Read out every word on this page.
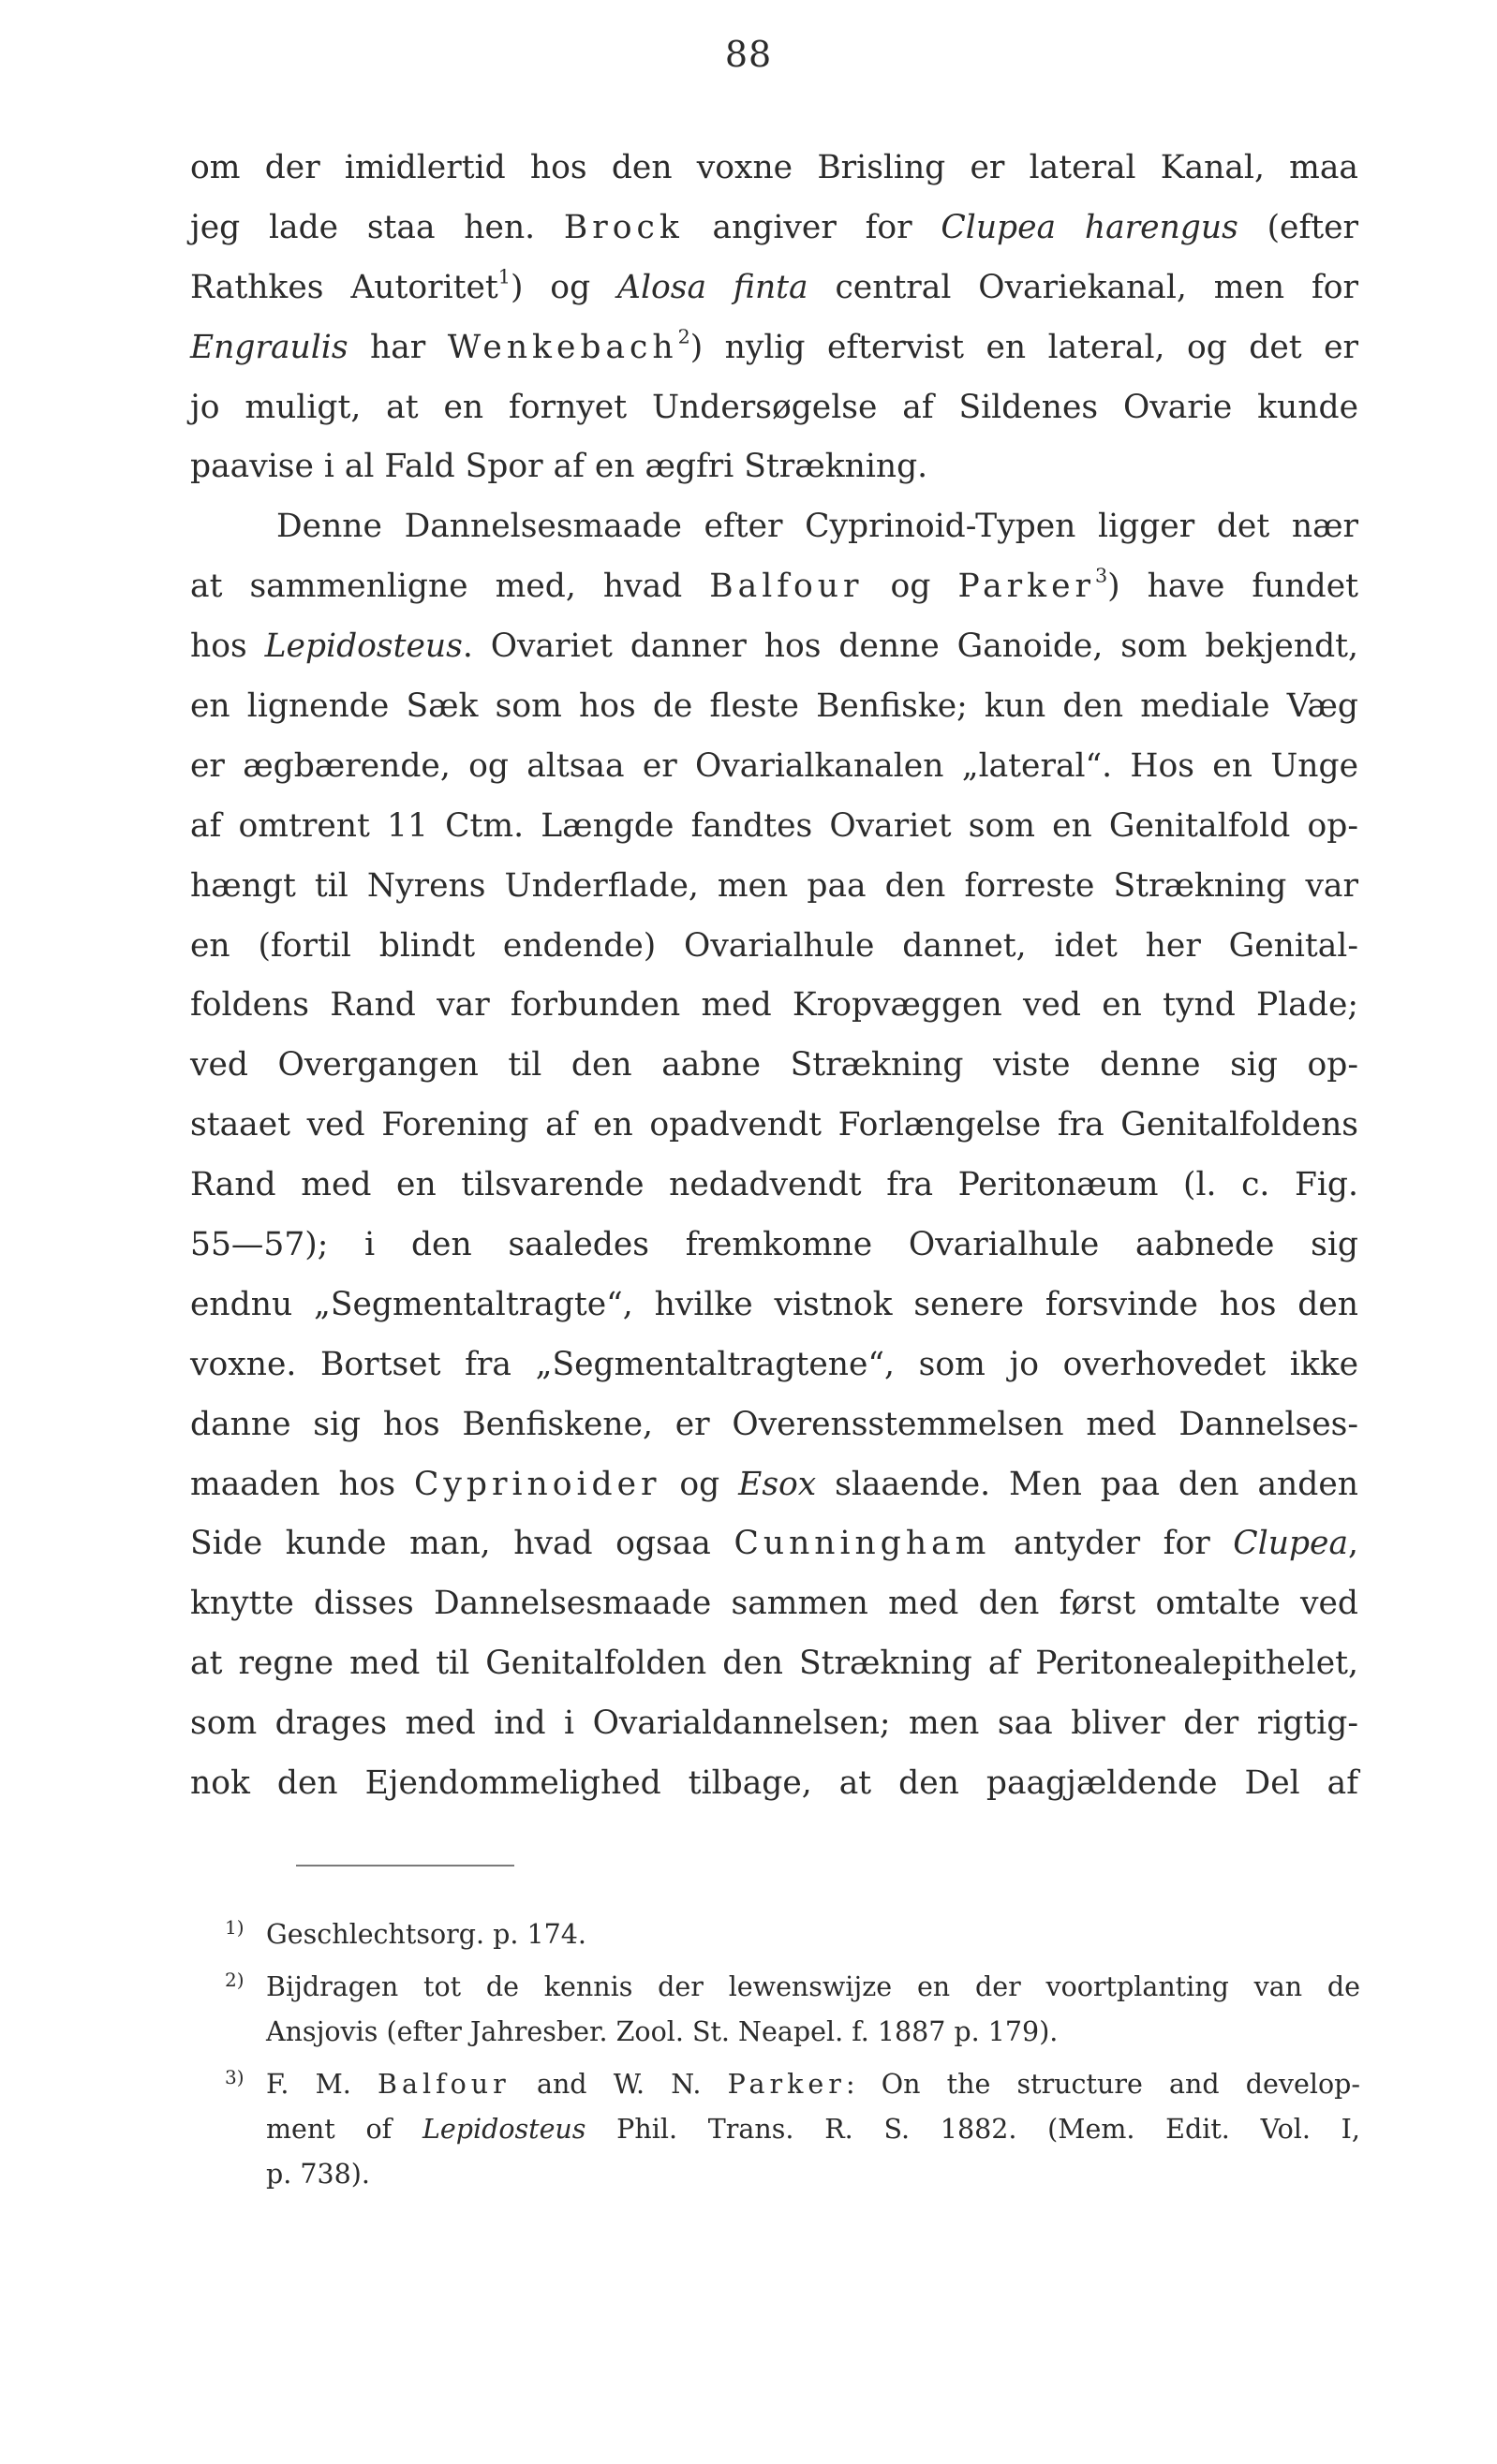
88
om der imidlertid hos den voxne Brisling er lateral Kanal, maa
jeg lade staa hen. Brock angiver for Clupea harengus (efter
Rathkes Autoritet$^1$) og Alosa finta central Ovariekanal, men for
Engraulis har Wenkebach$^2$) nylig eftervist en lateral, og det er
jo muligt, at en fornyet Undersøgelse af Sildenes Ovarie kunde
paavise i al Fald Spor af en ægfri Strækning.
Denne Dannelsesmaade efter Cyprinoid-Typen ligger det nær
at sammenligne med, hvad Balfour og Parker$^3$) have fundet
hos Lepidosteus. Ovariet danner hos denne Ganoide, som bekjendt,
en lignende Sæk som hos de fleste Benfiske; kun den mediale Væg
er ægbærende, og altsaa er Ovarialkanalen „lateral“. Hos en Unge
af omtrent 11 Ctm. Længde fandtes Ovariet som en Genitalfold op-
hængt til Nyrens Underflade, men paa den forreste Strækning var
en (fortil blindt endende) Ovarialhule dannet, idet her Genital-
foldens Rand var forbunden med Kropvæggen ved en tynd Plade;
ved Overgangen til den aabne Strækning viste denne sig op-
staaet ved Forening af en opadvendt Forlængelse fra Genitalfoldens
Rand med en tilsvarende nedadvendt fra Peritonæum (l. c. Fig.
55—57); i den saaledes fremkomne Ovarialhule aabnede sig
endnu „Segmentaltragte“, hvilke vistnok senere forsvinde hos den
voxne. Bortset fra „Segmentaltragtene“, som jo overhovedet ikke
danne sig hos Benfiskene, er Overensstemmelsen med Dannelses-
maaden hos Cyprinoider og Esox slaaende. Men paa den anden
Side kunde man, hvad ogsaa Cunningham antyder for Clupea,
knytte disses Dannelsesmaade sammen med den først omtalte ved
at regne med til Genitalfolden den Strækning af Peritonealepithelet,
som drages med ind i Ovarialdannelsen; men saa bliver der rigtig-
nok den Ejendommelighed tilbage, at den paagjældende Del af
1) Geschlechtsorg. p. 174.
2) Bijdragen tot de kennis der lewenswijze en der voortplanting van de
Ansjovis (efter Jahresber. Zool. St. Neapel. f. 1887 p. 179).
3) F. M. Balfour and W. N. Parker: On the structure and develop-
ment of Lepidosteus Phil. Trans. R. S. 1882. (Mem. Edit. Vol. I,
p. 738).
